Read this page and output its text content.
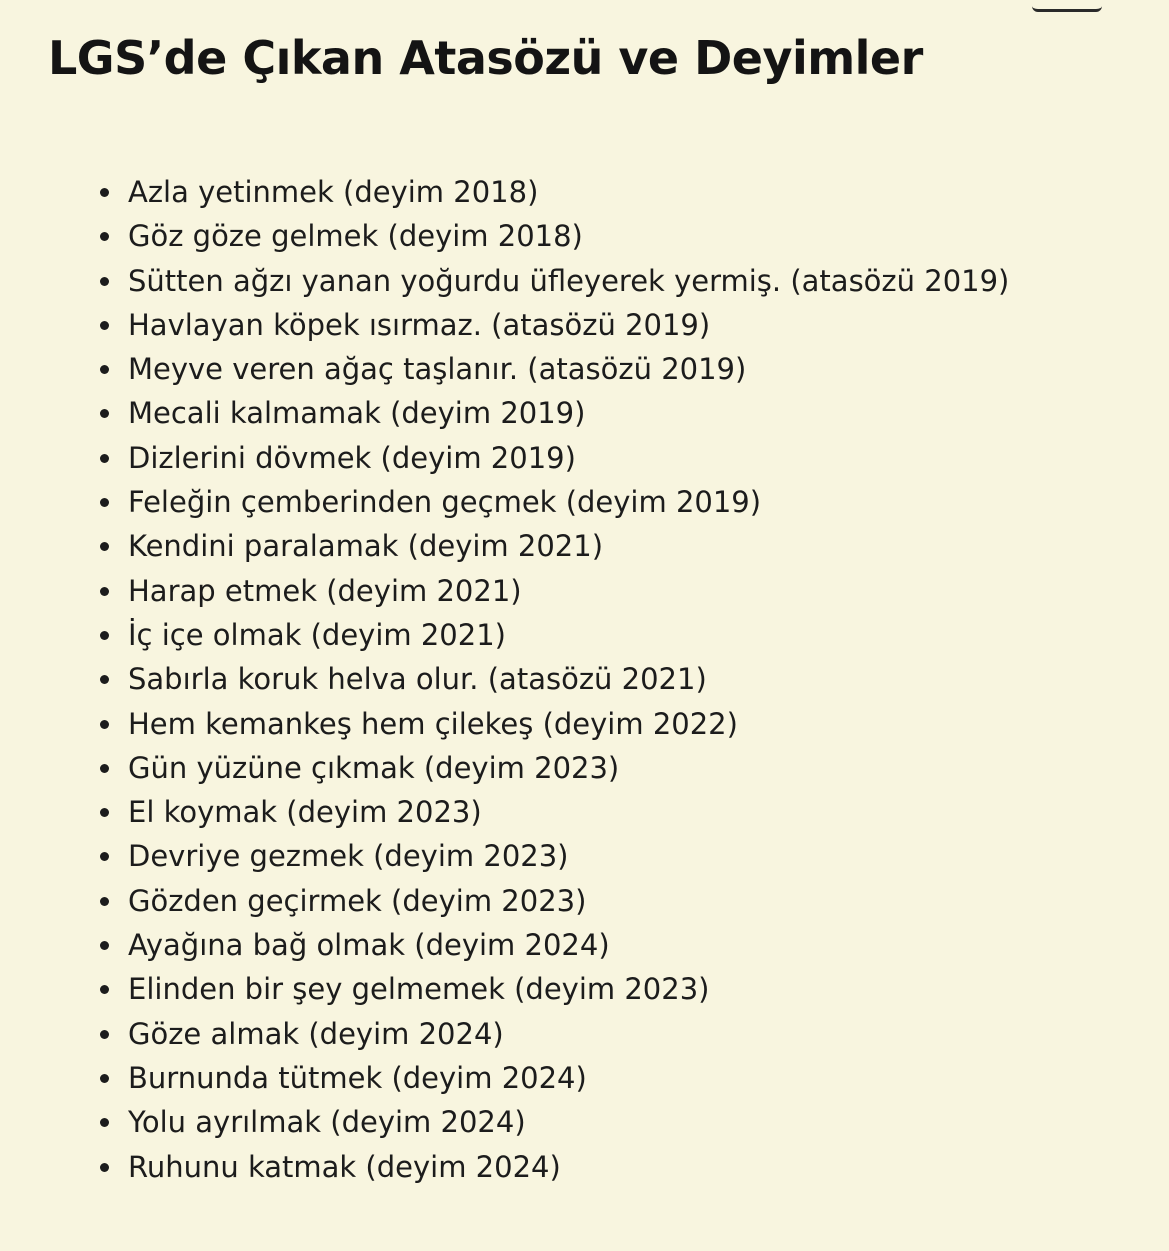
LGS’de Çıkan Atasözü ve Deyimler
Azla yetinmek (deyim 2018)
Göz göze gelmek (deyim 2018)
Sütten ağzı yanan yoğurdu üfleyerek yermiş. (atasözü 2019)
Havlayan köpek ısırmaz. (atasözü 2019)
Meyve veren ağaç taşlanır. (atasözü 2019)
Mecali kalmamak (deyim 2019)
Dizlerini dövmek (deyim 2019)
Feleğin çemberinden geçmek (deyim 2019)
Kendini paralamak (deyim 2021)
Harap etmek (deyim 2021)
İç içe olmak (deyim 2021)
Sabırla koruk helva olur. (atasözü 2021)
Hem kemankeş hem çilekeş (deyim 2022)
Gün yüzüne çıkmak (deyim 2023)
El koymak (deyim 2023)
Devriye gezmek (deyim 2023)
Gözden geçirmek (deyim 2023)
Ayağına bağ olmak (deyim 2024)
Elinden bir şey gelmemek (deyim 2023)
Göze almak (deyim 2024)
Burnunda tütmek (deyim 2024)
Yolu ayrılmak (deyim 2024)
Ruhunu katmak (deyim 2024)
